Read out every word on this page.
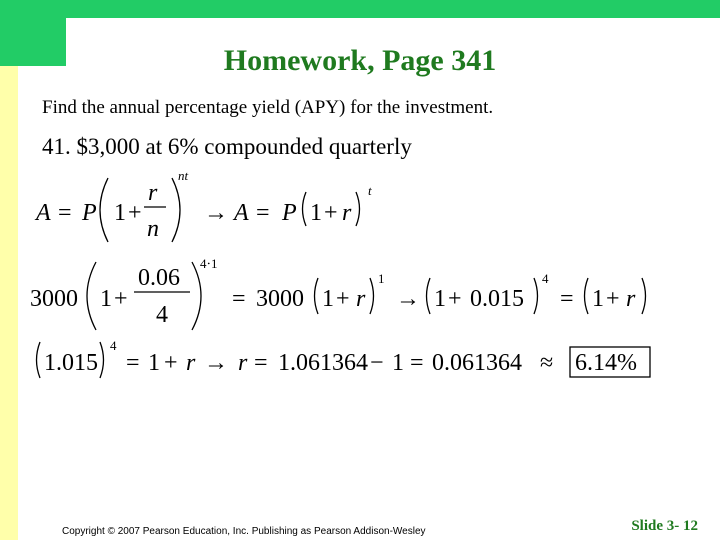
Homework, Page 341
Find the annual percentage yield (APY) for the investment.
41. $3,000 at 6% compounded quarterly
A = P 1 +
r
n
nt
→ A = P 1 + r
t
3000 1 +
0.06
4
4⋅1
= 3000 1 + r
1
→ 1 + 0.015
4
= 1 + r
1.015
4
= 1 + r → r = 1.061364 − 1 = 0.061364 ≈ 6.14%
Copyright © 2007 Pearson Education, Inc. Publishing as Pearson Addison-Wesley	Slide 3- 12
